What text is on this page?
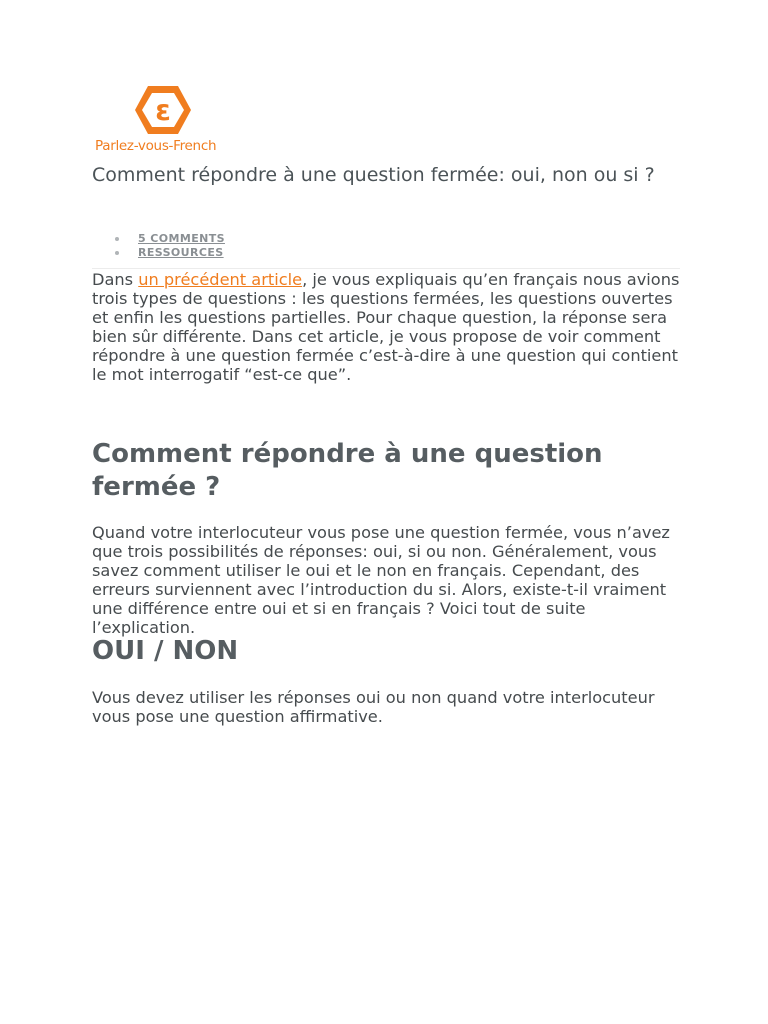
ε
Parlez-vous-French
Comment répondre à une question fermée: oui, non ou si ?
5 COMMENTS
RESSOURCES

Dans un précédent article, je vous expliquais qu’en français nous avions trois types de questions : les questions fermées, les questions ouvertes et enfin les questions partielles. Pour chaque question, la réponse sera bien sûr différente. Dans cet article, je vous propose de voir comment répondre à une question fermée c’est-à-dire à une question qui contient le mot interrogatif “est-ce que”.

Comment répondre à une question fermée ?

Quand votre interlocuteur vous pose une question fermée, vous n’avez que trois possibilités de réponses: oui, si ou non. Généralement, vous savez comment utiliser le oui et le non en français. Cependant, des erreurs surviennent avec l’introduction du si. Alors, existe-t-il vraiment une différence entre oui et si en français ? Voici tout de suite l’explication.

OUI / NON

Vous devez utiliser les réponses oui ou non quand votre interlocuteur vous pose une question affirmative.
